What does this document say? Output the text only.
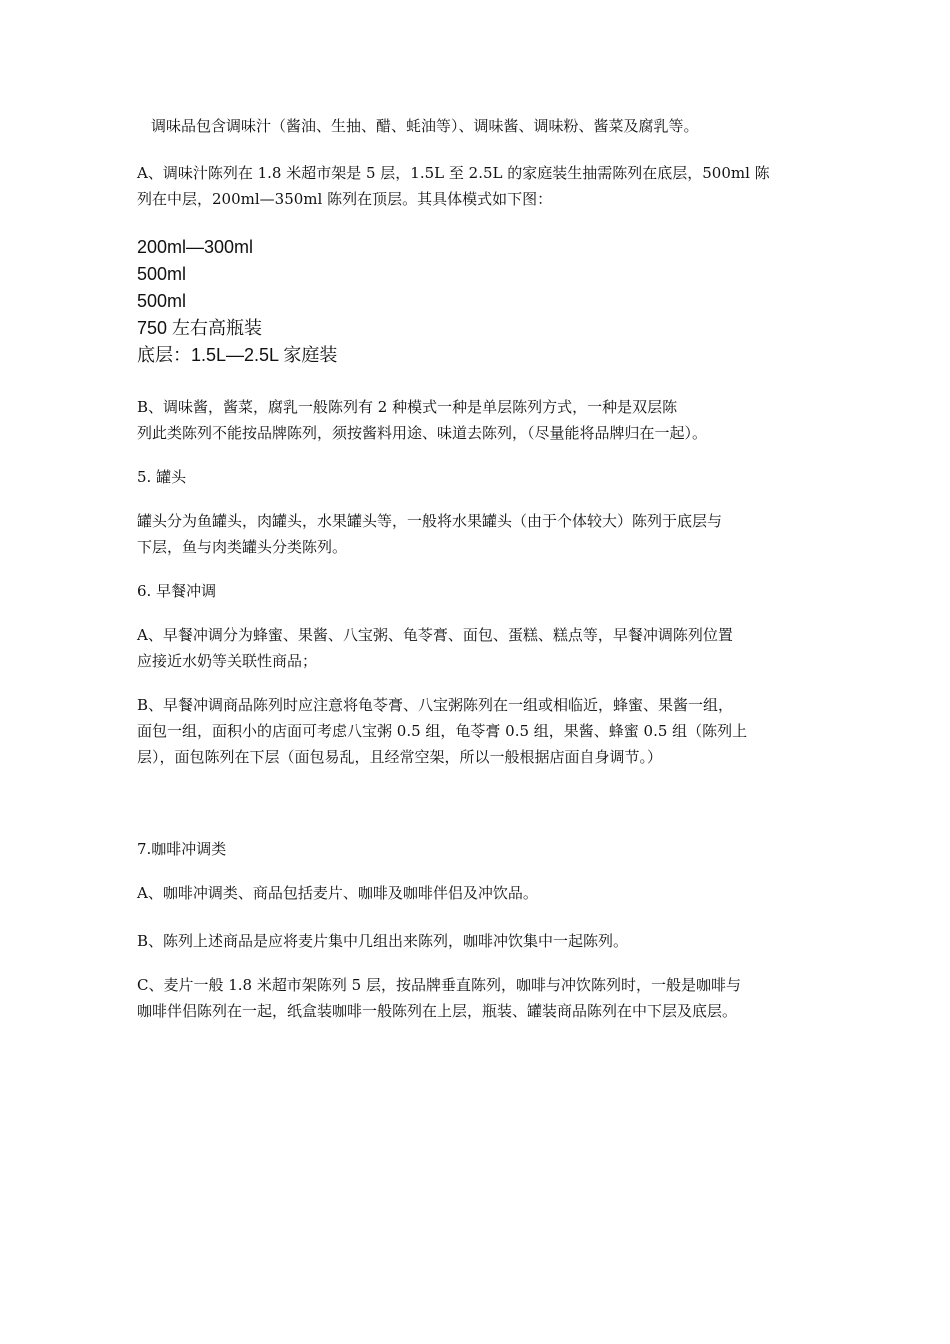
调味品包含调味汁（酱油、生抽、醋、蚝油等）、调味酱、调味粉、酱菜及腐乳等。

A、调味汁陈列在 1.8 米超市架是 5 层，1.5L 至 2.5L 的家庭装生抽需陈列在底层，500ml 陈
列在中层，200ml—350ml 陈列在顶层。其具体模式如下图：

200ml—300ml
500ml
500ml
750 左右高瓶装
底层：1.5L—2.5L 家庭装

B、调味酱，酱菜，腐乳一般陈列有 2 种模式一种是单层陈列方式，一种是双层陈
列此类陈列不能按品牌陈列，须按酱料用途、味道去陈列，（尽量能将品牌归在一起）。

5. 罐头

罐头分为鱼罐头，肉罐头，水果罐头等，一般将水果罐头（由于个体较大）陈列于底层与
下层，鱼与肉类罐头分类陈列。

6. 早餐冲调

A、早餐冲调分为蜂蜜、果酱、八宝粥、龟苓膏、面包、蛋糕、糕点等，早餐冲调陈列位置
应接近水奶等关联性商品；

B、早餐冲调商品陈列时应注意将龟苓膏、八宝粥陈列在一组或相临近，蜂蜜、果酱一组，
面包一组，面积小的店面可考虑八宝粥 0.5 组，龟苓膏 0.5 组，果酱、蜂蜜 0.5 组（陈列上
层），面包陈列在下层（面包易乱，且经常空架，所以一般根据店面自身调节。）

7.咖啡冲调类

A、咖啡冲调类、商品包括麦片、咖啡及咖啡伴侣及冲饮品。

B、陈列上述商品是应将麦片集中几组出来陈列，咖啡冲饮集中一起陈列。

C、麦片一般 1.8 米超市架陈列 5 层，按品牌垂直陈列，咖啡与冲饮陈列时，一般是咖啡与
咖啡伴侣陈列在一起，纸盒装咖啡一般陈列在上层，瓶装、罐装商品陈列在中下层及底层。
